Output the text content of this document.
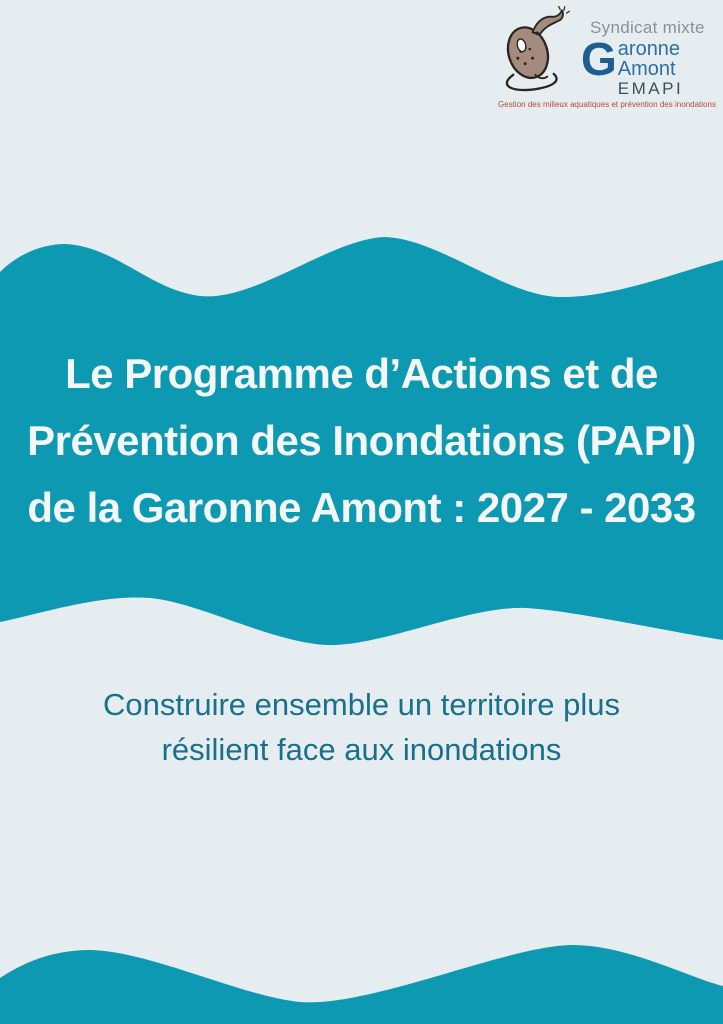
Syndicat mixte
G aronne Amont
EMAPI
Gestion des milieux aquatiques et prévention des inondations
Le Programme d’Actions et de
Prévention des Inondations (PAPI)
de la Garonne Amont : 2027 - 2033
Construire ensemble un territoire plus
résilient face aux inondations
